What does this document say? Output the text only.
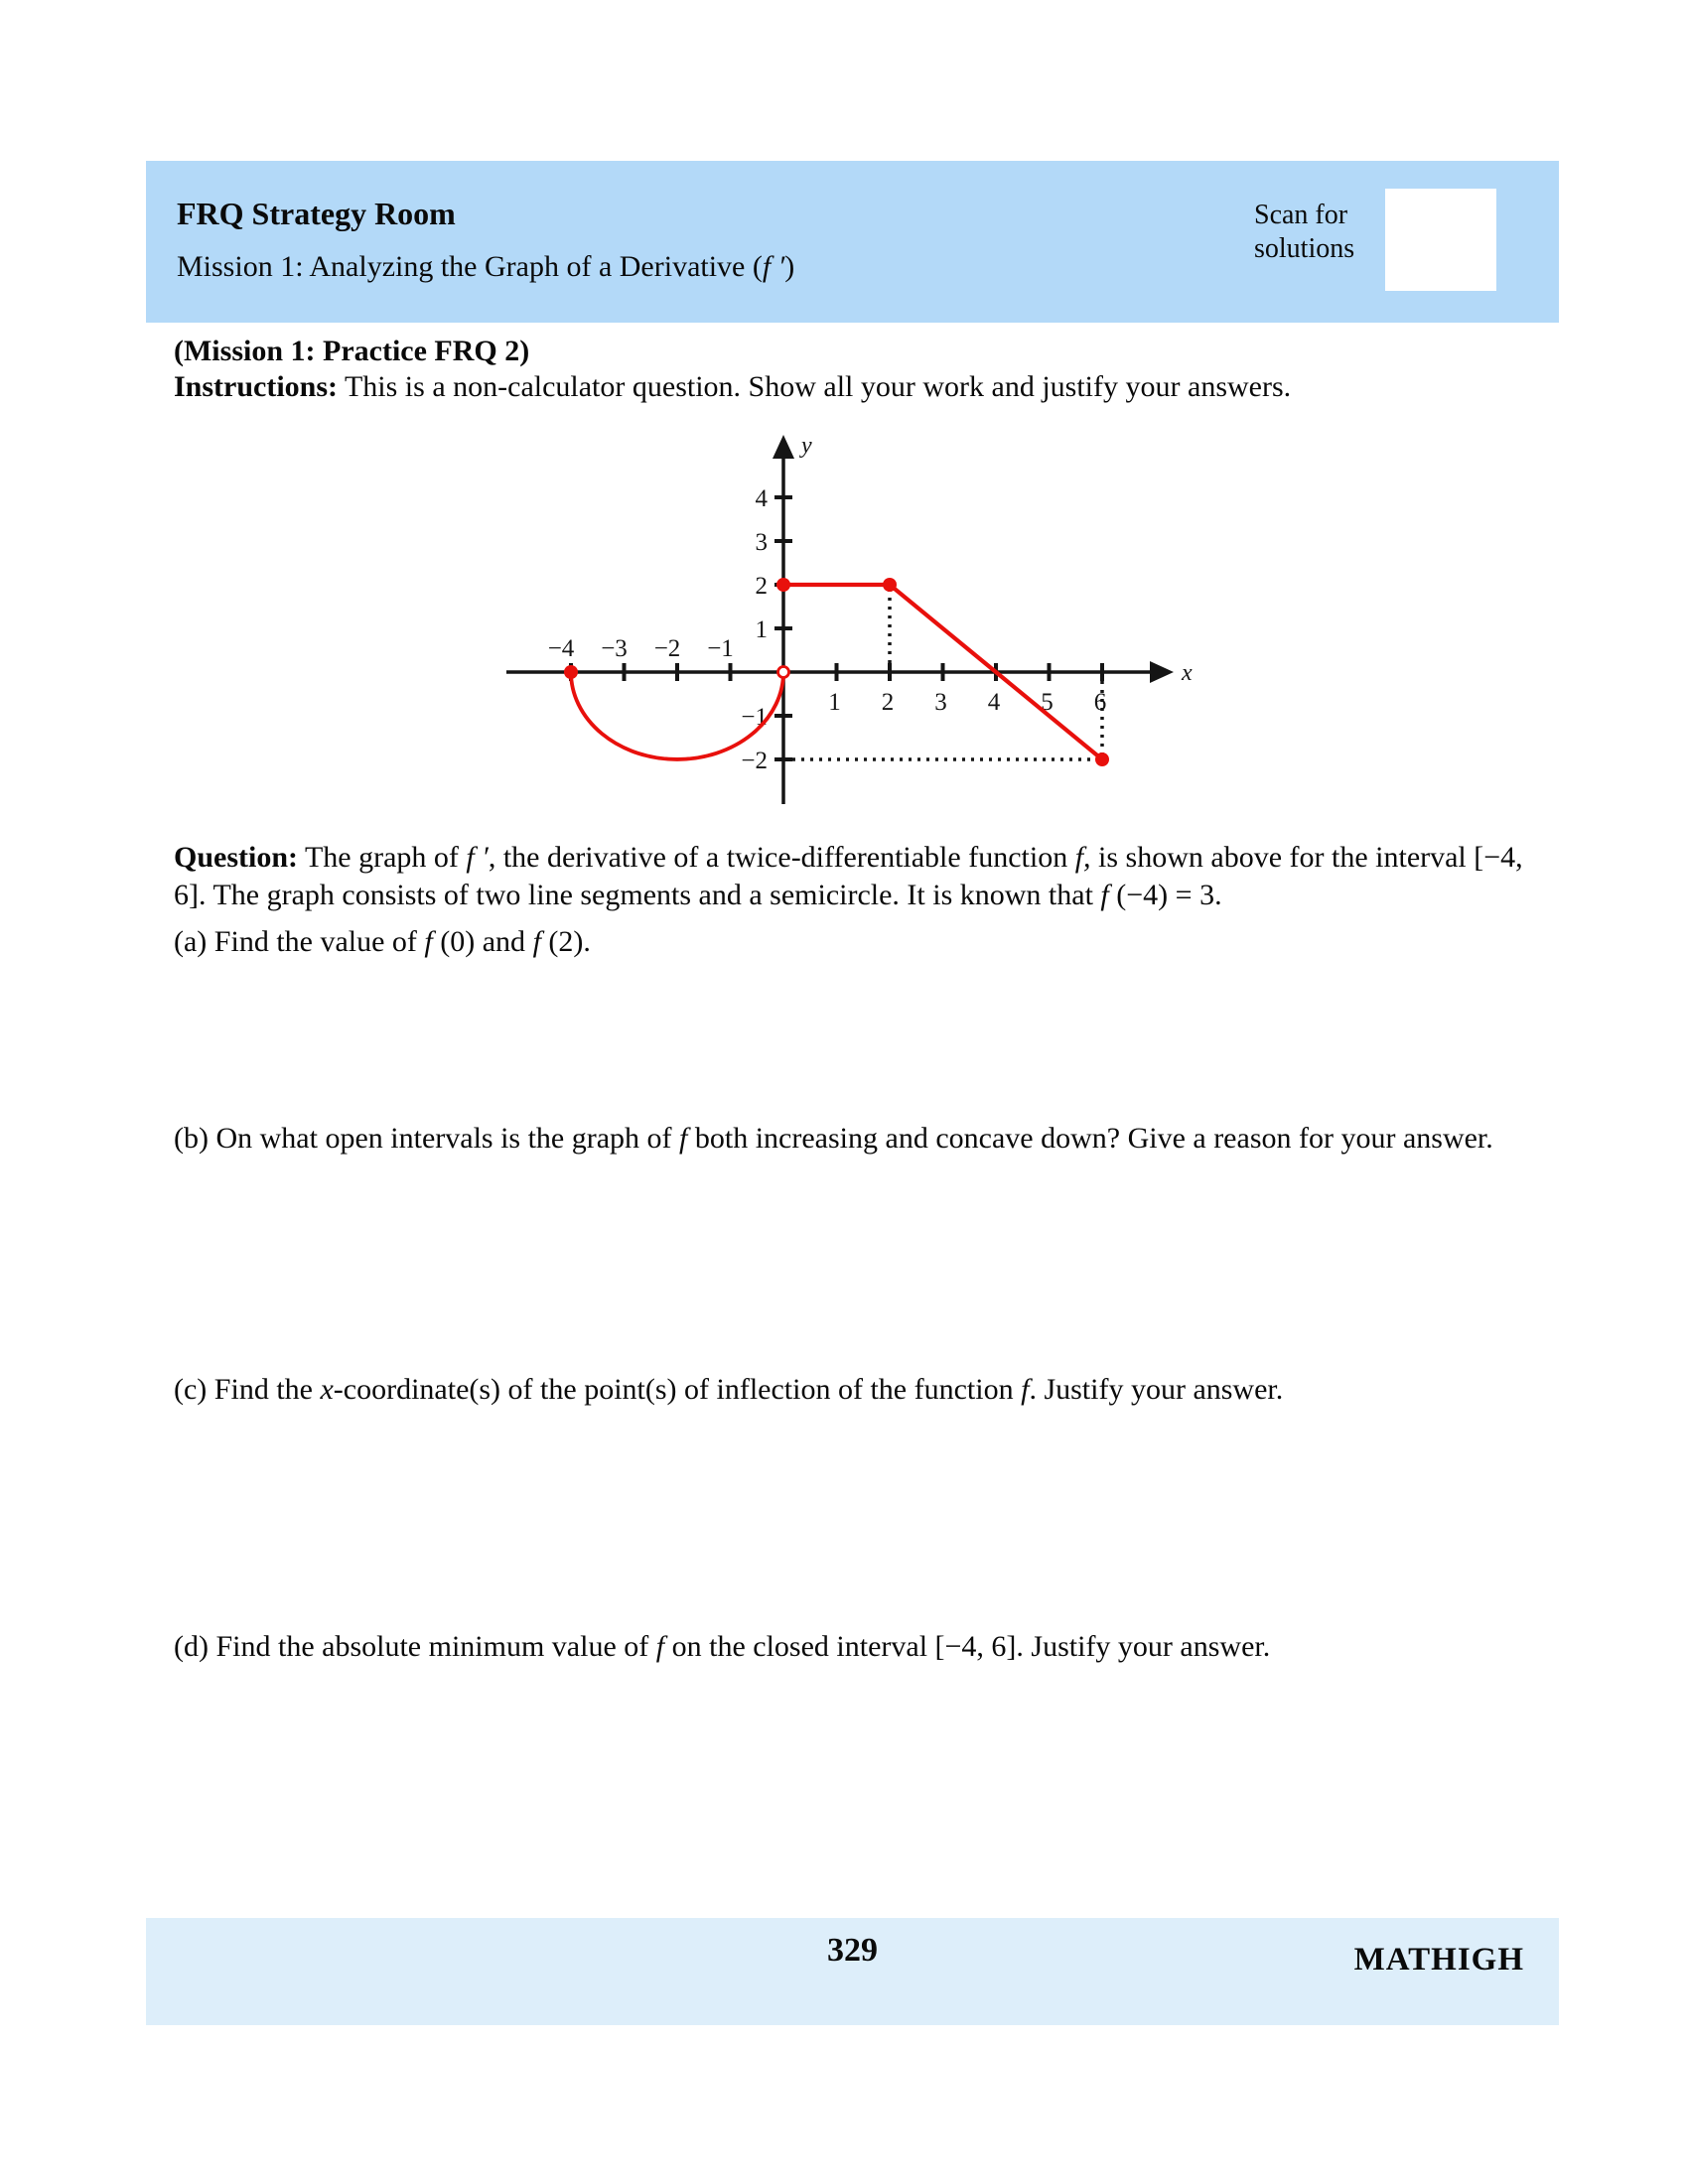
FRQ Strategy Room
Mission 1: Analyzing the Graph of a Derivative (f ′)
Scan for
solutions
(Mission 1: Practice FRQ 2)
Instructions: This is a non-calculator question. Show all your work and justify your answers.
x
y
−4 −3 −2 −1
1 2 3 4 5 6
−2
−1
1
2
3
4
Question: The graph of f ′, the derivative of a twice-differentiable function f, is shown above for the interval [−4, 6]. The graph consists of two line segments and a semicircle. It is known that f (−4) = 3.
(a) Find the value of f (0) and f (2).
(b) On what open intervals is the graph of f both increasing and concave down? Give a reason for your answer.
(c) Find the x-coordinate(s) of the point(s) of inflection of the function f. Justify your answer.
(d) Find the absolute minimum value of f on the closed interval [−4, 6]. Justify your answer.
329	MATHIGH
